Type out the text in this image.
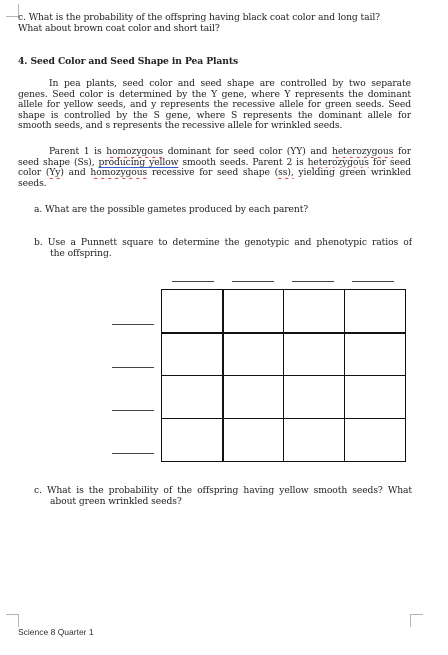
c. What is the probability of the offspring having black coat color and long tail?
What about brown coat color and short tail?
4. Seed Color and Seed Shape in Pea Plants
In pea plants, seed color and seed shape are controlled by two separate
genes. Seed color is determined by the Y gene, where Y represents the dominant
allele for yellow seeds, and y represents the recessive allele for green seeds. Seed
shape is controlled by the S gene, where S represents the dominant allele for
smooth seeds, and s represents the recessive allele for wrinkled seeds.
Parent 1 is homozygous dominant for seed color (YY) and heterozygous for
seed shape (Ss), producing yellow smooth seeds. Parent 2 is heterozygous for seed
color (Yy) and homozygous recessive for seed shape (ss), yielding green wrinkled
seeds.
a. What are the possible gametes produced by each parent?
b. Use a Punnett square to determine the genotypic and phenotypic ratios of
the offspring.
c. What is the probability of the offspring having yellow smooth seeds? What
about green wrinkled seeds?
Science 8 Quarter 1
